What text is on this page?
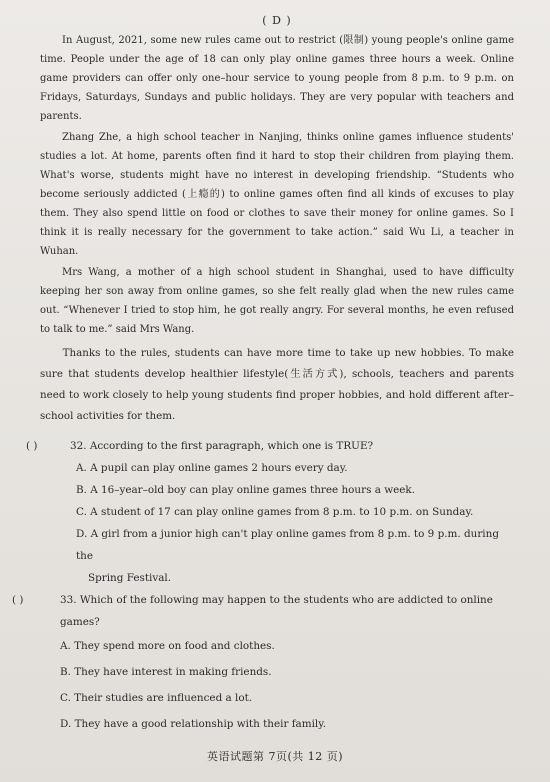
( D )

In August, 2021, some new rules came out to restrict (限制) young people's online game time. People under the age of 18 can only play online games three hours a week. Online game providers can offer only one–hour service to young people from 8 p.m. to 9 p.m. on Fridays, Saturdays, Sundays and public holidays. They are very popular with teachers and parents.

Zhang Zhe, a high school teacher in Nanjing, thinks online games influence students' studies a lot. At home, parents often find it hard to stop their children from playing them. What's worse, students might have no interest in developing friendship. “Students who become seriously addicted (上瘾的) to online games often find all kinds of excuses to play them. They also spend little on food or clothes to save their money for online games. So I think it is really necessary for the government to take action.” said Wu Li, a teacher in Wuhan.

Mrs Wang, a mother of a high school student in Shanghai, used to have difficulty keeping her son away from online games, so she felt really glad when the new rules came out. “Whenever I tried to stop him, he got really angry. For several months, he even refused to talk to me.” said Mrs Wang.

Thanks to the rules, students can have more time to take up new hobbies. To make sure that students develop healthier lifestyle(生活方式), schools, teachers and parents need to work closely to help young students find proper hobbies, and hold different after–school activities for them.

( )	32. According to the first paragraph, which one is TRUE?

A. A pupil can play online games 2 hours every day.

B. A 16–year–old boy can play online games three hours a week.

C. A student of 17 can play online games from 8 p.m. to 10 p.m. on Sunday.

D. A girl from a junior high can't play online games from 8 p.m. to 9 p.m. during the

Spring Festival.

( )	33. Which of the following may happen to the students who are addicted to online games?

A. They spend more on food and clothes.

B. They have interest in making friends.

C. Their studies are influenced a lot.

D. They have a good relationship with their family.

英语试题第 7页(共 12 页)
